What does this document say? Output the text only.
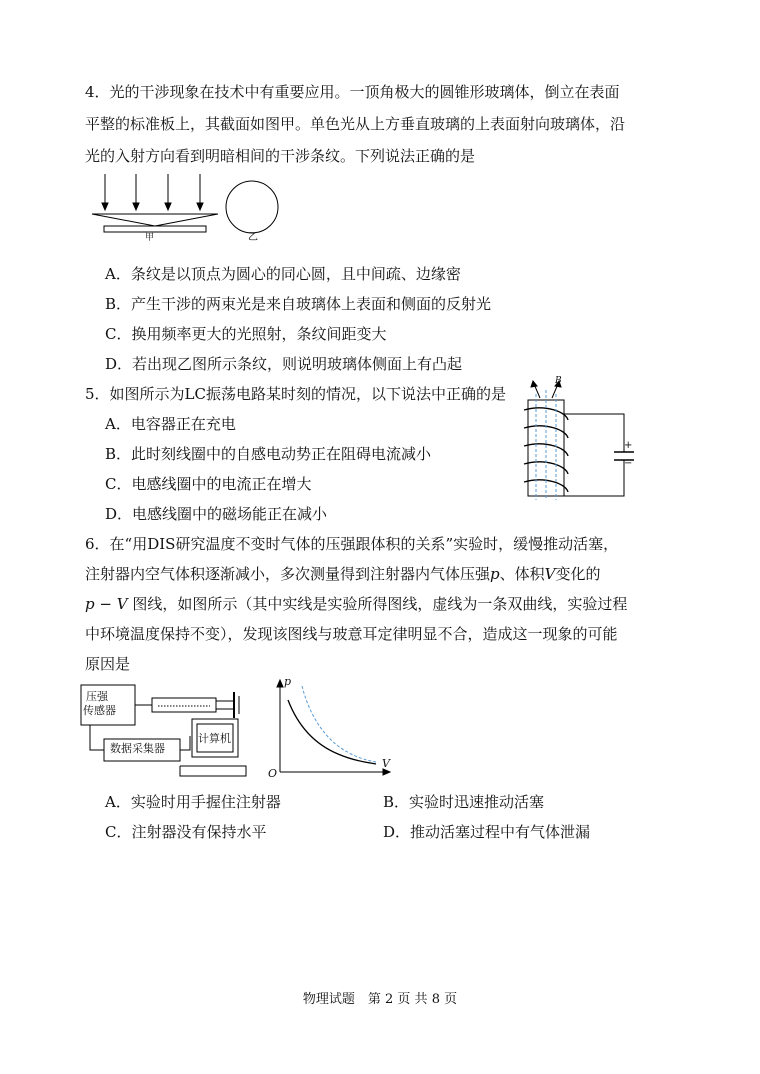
4．光的干涉现象在技术中有重要应用。一顶角极大的圆锥形玻璃体，倒立在表面
平整的标准板上，其截面如图甲。单色光从上方垂直玻璃的上表面射向玻璃体，沿
光的入射方向看到明暗相间的干涉条纹。下列说法正确的是
甲	乙
A．条纹是以顶点为圆心的同心圆，且中间疏、边缘密
B．产生干涉的两束光是来自玻璃体上表面和侧面的反射光
C．换用频率更大的光照射，条纹间距变大
D．若出现乙图所示条纹，则说明玻璃体侧面上有凸起
5．如图所示为LC振荡电路某时刻的情况，以下说法中正确的是
B
+
−
A．电容器正在充电
B．此时刻线圈中的自感电动势正在阻碍电流减小
C．电感线圈中的电流正在增大
D．电感线圈中的磁场能正在减小
6．在“用DIS研究温度不变时气体的压强跟体积的关系”实验时，缓慢推动活塞，
注射器内空气体积逐渐减小，多次测量得到注射器内气体压强p、体积V变化的
p − V 图线，如图所示（其中实线是实验所得图线，虚线为一条双曲线，实验过程
中环境温度保持不变），发现该图线与玻意耳定律明显不合，造成这一现象的可能
原因是
压强
传感器
数据采集器
计算机
p
V
O
A．实验时用手握住注射器	B．实验时迅速推动活塞
C．注射器没有保持水平	D．推动活塞过程中有气体泄漏
物理试题　第 2 页 共 8 页
